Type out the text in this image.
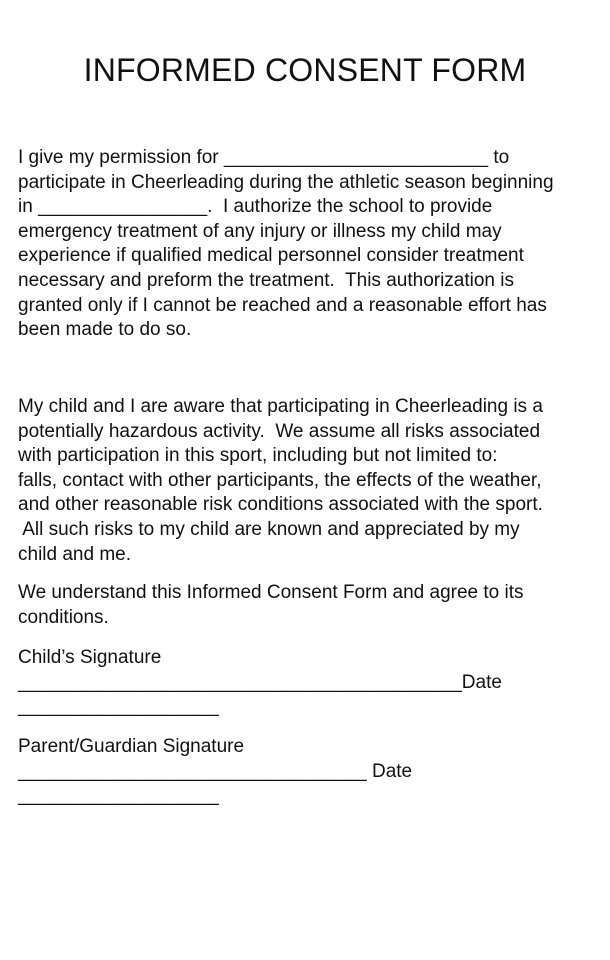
INFORMED CONSENT FORM
I give my permission for _________________________ to
participate in Cheerleading during the athletic season beginning
in ________________.  I authorize the school to provide
emergency treatment of any injury or illness my child may
experience if qualified medical personnel consider treatment
necessary and preform the treatment.  This authorization is
granted only if I cannot be reached and a reasonable effort has
been made to do so.
My child and I are aware that participating in Cheerleading is a
potentially hazardous activity.  We assume all risks associated
with participation in this sport, including but not limited to:
falls, contact with other participants, the effects of the weather,
and other reasonable risk conditions associated with the sport.
All such risks to my child are known and appreciated by my
child and me.
We understand this Informed Consent Form and agree to its
conditions.
Child’s Signature
__________________________________________Date
___________________
Parent/Guardian Signature
_________________________________ Date
___________________
